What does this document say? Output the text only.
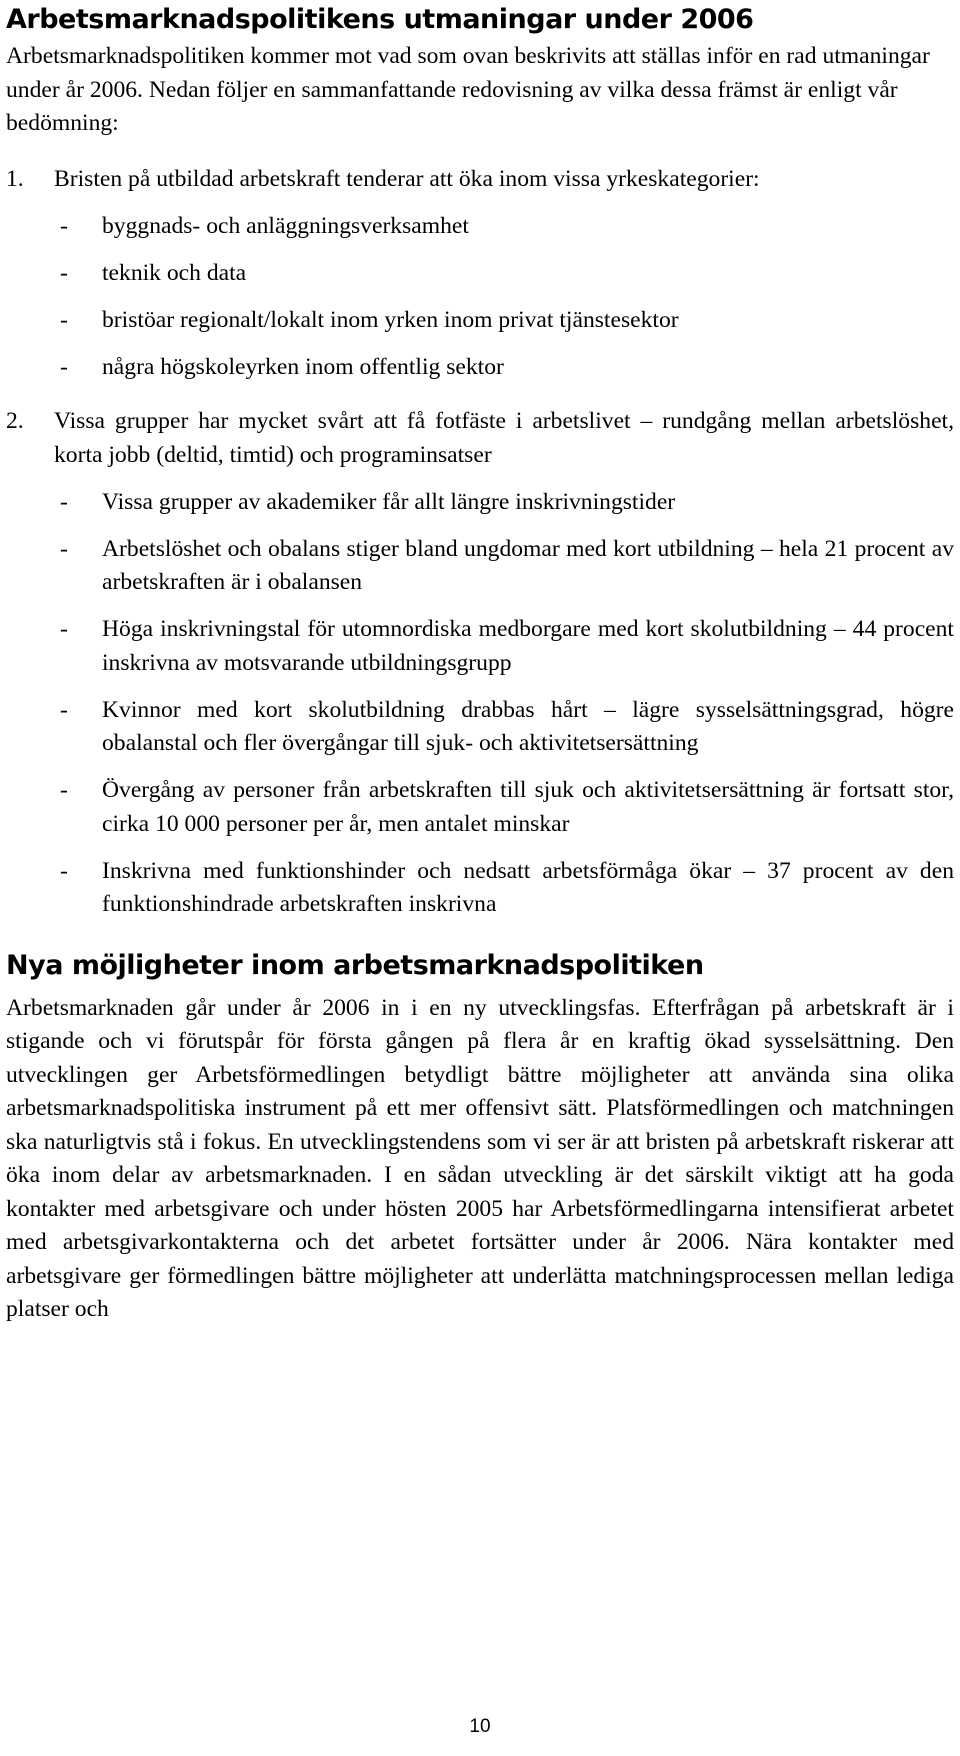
Arbetsmarknadspolitikens utmaningar under 2006

Arbetsmarknadspolitiken kommer mot vad som ovan beskrivits att ställas inför en rad utmaningar under år 2006. Nedan följer en sammanfattande redovisning av vilka dessa främst är enligt vår bedömning:

1.	Bristen på utbildad arbetskraft tenderar att öka inom vissa yrkeskategorier:

-	byggnads- och anläggningsverksamhet
-	teknik och data
-	bristöar regionalt/lokalt inom yrken inom privat tjänstesektor
-	några högskoleyrken inom offentlig sektor
2.	Vissa grupper har mycket svårt att få fotfäste i arbetslivet – rundgång mellan arbetslöshet, korta jobb (deltid, timtid) och programinsatser

-	Vissa grupper av akademiker får allt längre inskrivningstider
-	Arbetslöshet och obalans stiger bland ungdomar med kort utbildning – hela 21 procent av arbetskraften är i obalansen
-	Höga inskrivningstal för utomnordiska medborgare med kort skolutbildning – 44 procent inskrivna av motsvarande utbildningsgrupp
-	Kvinnor med kort skolutbildning drabbas hårt – lägre sysselsättningsgrad, högre obalanstal och fler övergångar till sjuk- och aktivitetsersättning
-	Övergång av personer från arbetskraften till sjuk och aktivitetsersättning är fortsatt stor, cirka 10 000 personer per år, men antalet minskar
-	Inskrivna med funktionshinder och nedsatt arbetsförmåga ökar – 37 procent av den funktionshindrade arbetskraften inskrivna
Nya möjligheter inom arbetsmarknadspolitiken

Arbetsmarknaden går under år 2006 in i en ny utvecklingsfas. Efterfrågan på arbetskraft är i stigande och vi förutspår för första gången på flera år en kraftig ökad sysselsättning. Den utvecklingen ger Arbetsförmedlingen betydligt bättre möjligheter att använda sina olika arbetsmarknadspolitiska instrument på ett mer offensivt sätt. Platsförmedlingen och matchningen ska naturligtvis stå i fokus. En utvecklingstendens som vi ser är att bristen på arbetskraft riskerar att öka inom delar av arbetsmarknaden. I en sådan utveckling är det särskilt viktigt att ha goda kontakter med arbetsgivare och under hösten 2005 har Arbetsförmedlingarna intensifierat arbetet med arbetsgivarkontakterna och det arbetet fortsätter under år 2006. Nära kontakter med arbetsgivare ger förmedlingen bättre möjligheter att underlätta matchningsprocessen mellan lediga platser och

10
